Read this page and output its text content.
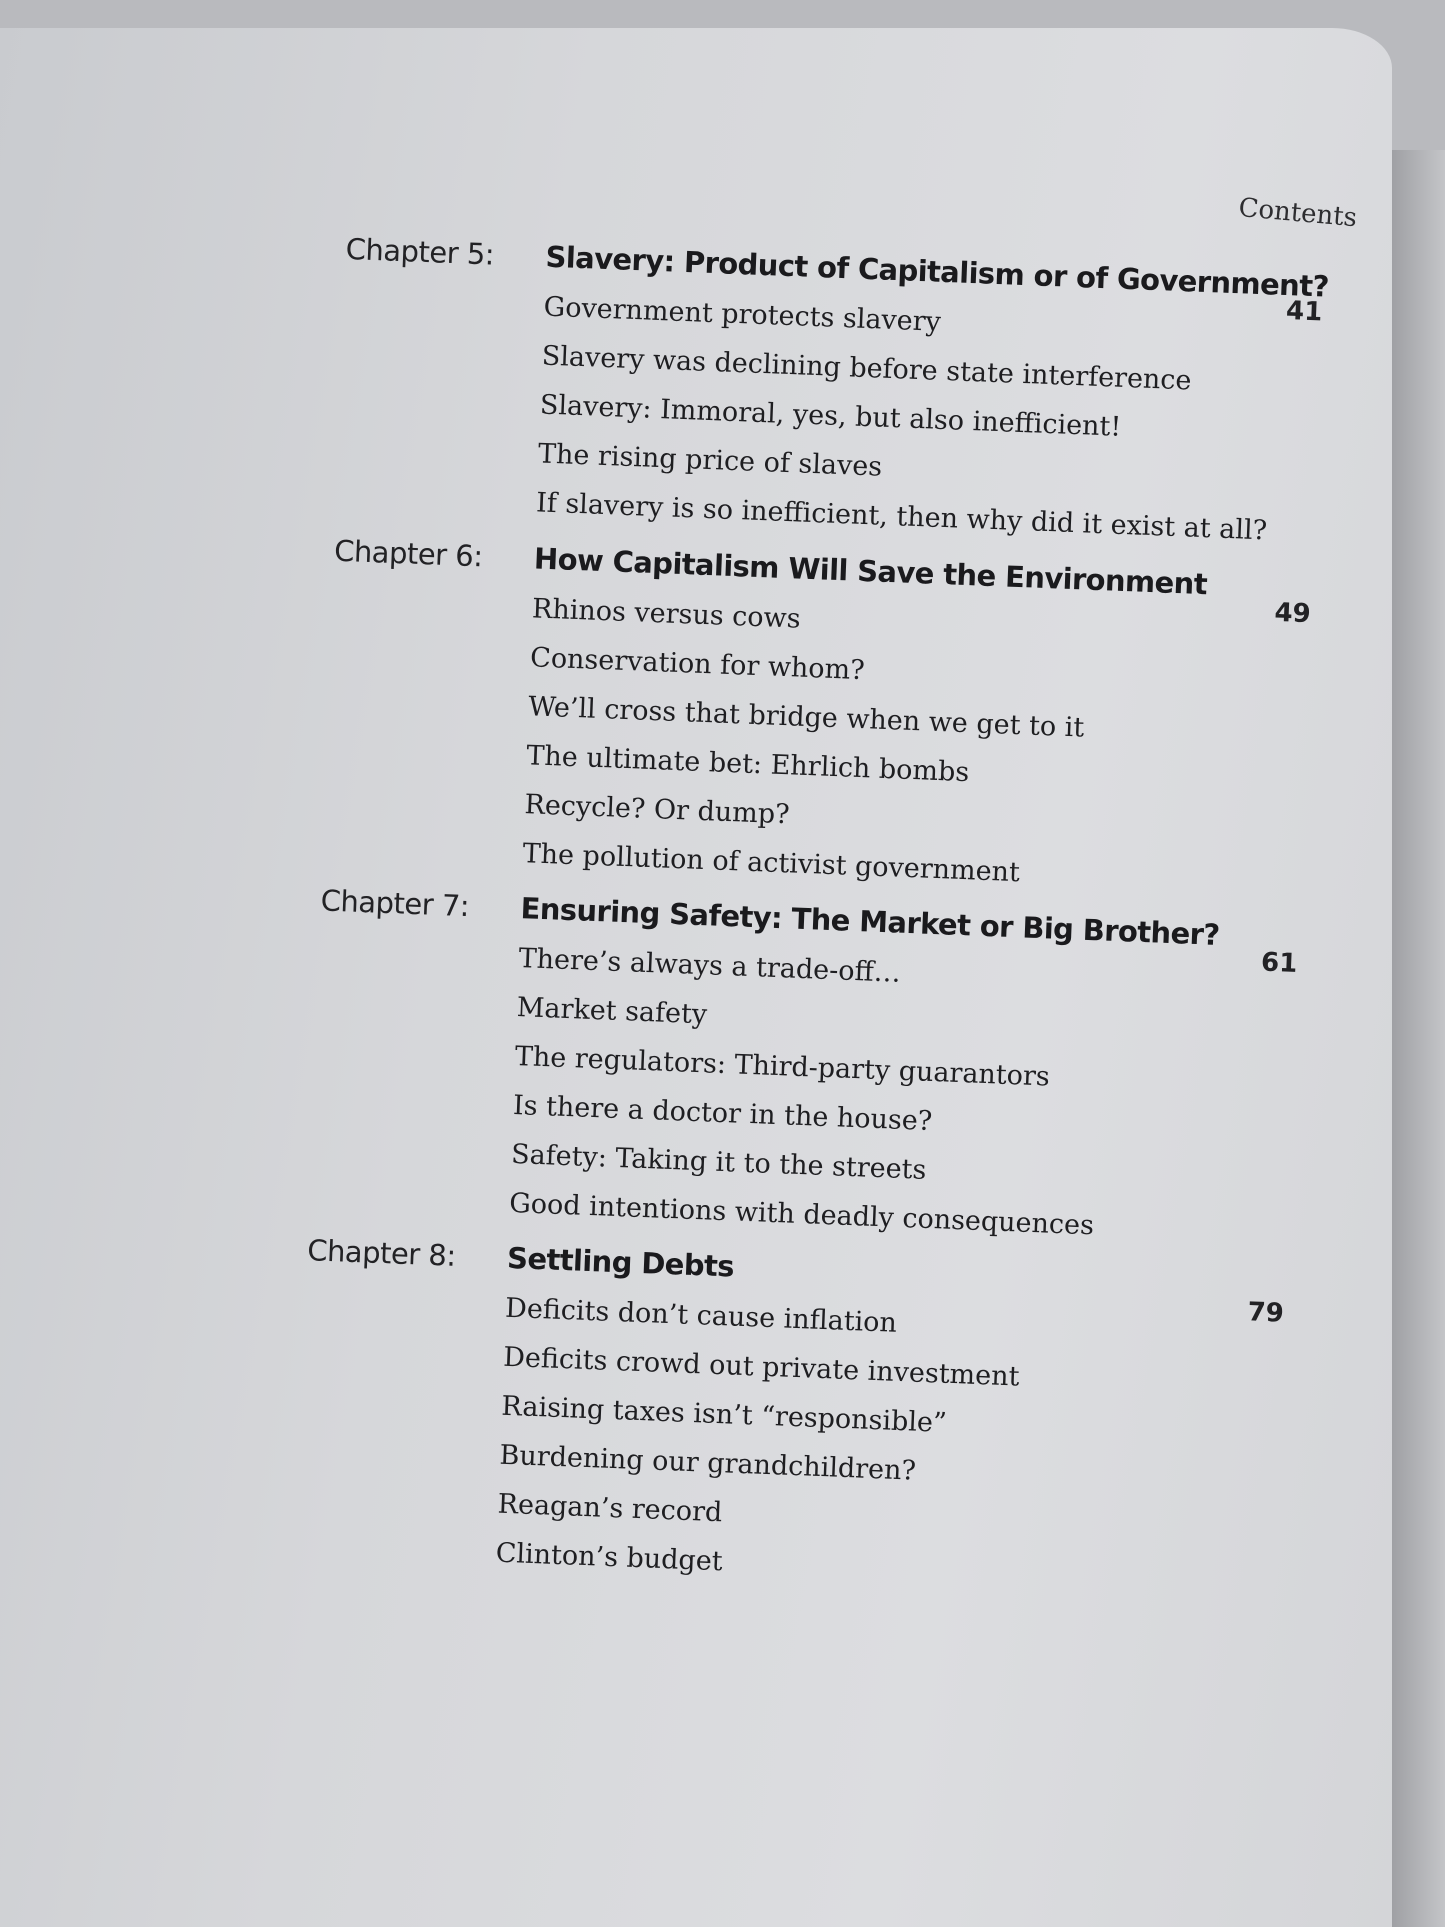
Contents
Chapter 5: Slavery: Product of Capitalism or of Government?
41
Government protects slavery
Slavery was declining before state interference
Slavery: Immoral, yes, but also inefficient!
The rising price of slaves
If slavery is so inefficient, then why did it exist at all?
Chapter 6: How Capitalism Will Save the Environment
49
Rhinos versus cows
Conservation for whom?
We’ll cross that bridge when we get to it
The ultimate bet: Ehrlich bombs
Recycle? Or dump?
The pollution of activist government
Chapter 7: Ensuring Safety: The Market or Big Brother?
61
There’s always a trade-off…
Market safety
The regulators: Third-party guarantors
Is there a doctor in the house?
Safety: Taking it to the streets
Good intentions with deadly consequences
Chapter 8: Settling Debts
79
Deficits don’t cause inflation
Deficits crowd out private investment
Raising taxes isn’t “responsible”
Burdening our grandchildren?
Reagan’s record
Clinton’s budget
